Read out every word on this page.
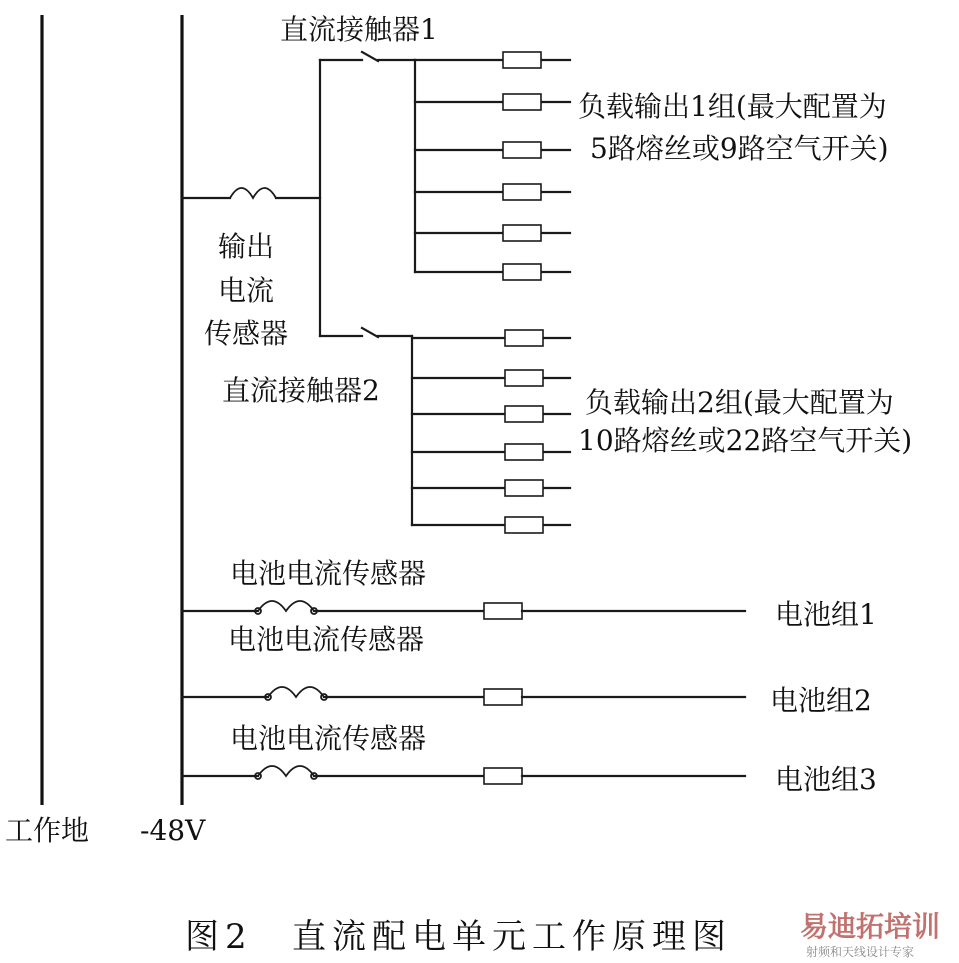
直流接触器1
负载输出1组(最大配置为
5路熔丝或9路空气开关)
输出
电流
传感器
直流接触器2	负载输出2组(最大配置为
10路熔丝或22路空气开关)
电池电流传感器
电池电流传感器
电池电流传感器
电池组1
电池组2
电池组3
工作地 -48V
图2 直流配电单元工作原理图 易迪拓培训
射频和天线设计专家
